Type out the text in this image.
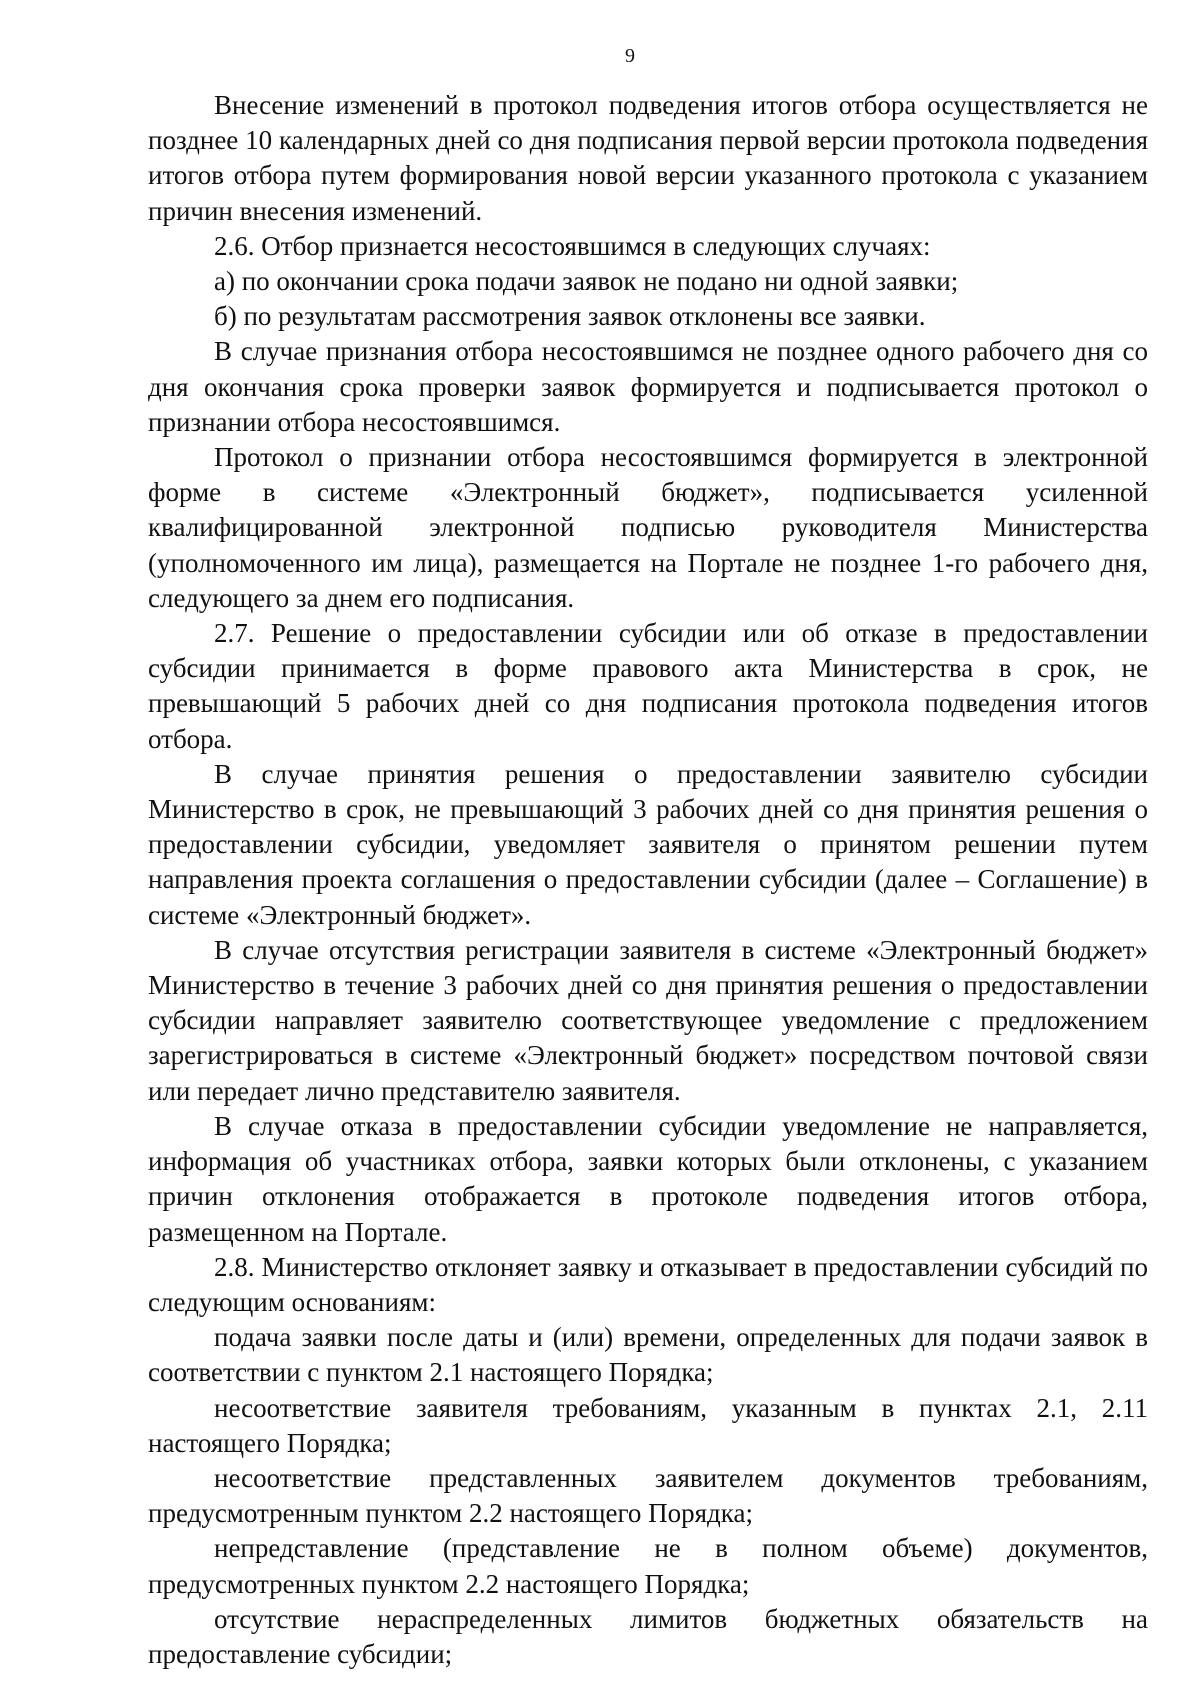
9

Внесение изменений в протокол подведения итогов отбора осуществляется не позднее 10 календарных дней со дня подписания первой версии протокола подведения итогов отбора путем формирования новой версии указанного протокола с указанием причин внесения изменений.

2.6. Отбор признается несостоявшимся в следующих случаях:

а) по окончании срока подачи заявок не подано ни одной заявки;

б) по результатам рассмотрения заявок отклонены все заявки.

В случае признания отбора несостоявшимся не позднее одного рабочего дня со дня окончания срока проверки заявок формируется и подписывается протокол о признании отбора несостоявшимся.

Протокол о признании отбора несостоявшимся формируется в электронной форме в системе «Электронный бюджет», подписывается усиленной квалифицированной электронной подписью руководителя Министерства (уполномоченного им лица), размещается на Портале не позднее 1-го рабочего дня, следующего за днем его подписания.

2.7. Решение о предоставлении субсидии или об отказе в предоставлении субсидии принимается в форме правового акта Министерства в срок, не превышающий 5 рабочих дней со дня подписания протокола подведения итогов отбора.

В случае принятия решения о предоставлении заявителю субсидии Министерство в срок, не превышающий 3 рабочих дней со дня принятия решения о предоставлении субсидии, уведомляет заявителя о принятом решении путем направления проекта соглашения о предоставлении субсидии (далее – Соглашение) в системе «Электронный бюджет».

В случае отсутствия регистрации заявителя в системе «Электронный бюджет» Министерство в течение 3 рабочих дней со дня принятия решения о предоставлении субсидии направляет заявителю соответствующее уведомление с предложением зарегистрироваться в системе «Электронный бюджет» посредством почтовой связи или передает лично представителю заявителя.

В случае отказа в предоставлении субсидии уведомление не направляется, информация об участниках отбора, заявки которых были отклонены, с указанием причин отклонения отображается в протоколе подведения итогов отбора, размещенном на Портале.

2.8. Министерство отклоняет заявку и отказывает в предоставлении субсидий по следующим основаниям:

подача заявки после даты и (или) времени, определенных для подачи заявок в соответствии с пунктом 2.1 настоящего Порядка;

несоответствие заявителя требованиям, указанным в пунктах 2.1, 2.11 настоящего Порядка;

несоответствие представленных заявителем документов требованиям, предусмотренным пунктом 2.2 настоящего Порядка;

непредставление (представление не в полном объеме) документов, предусмотренных пунктом 2.2 настоящего Порядка;

отсутствие нераспределенных лимитов бюджетных обязательств на предоставление субсидии;
